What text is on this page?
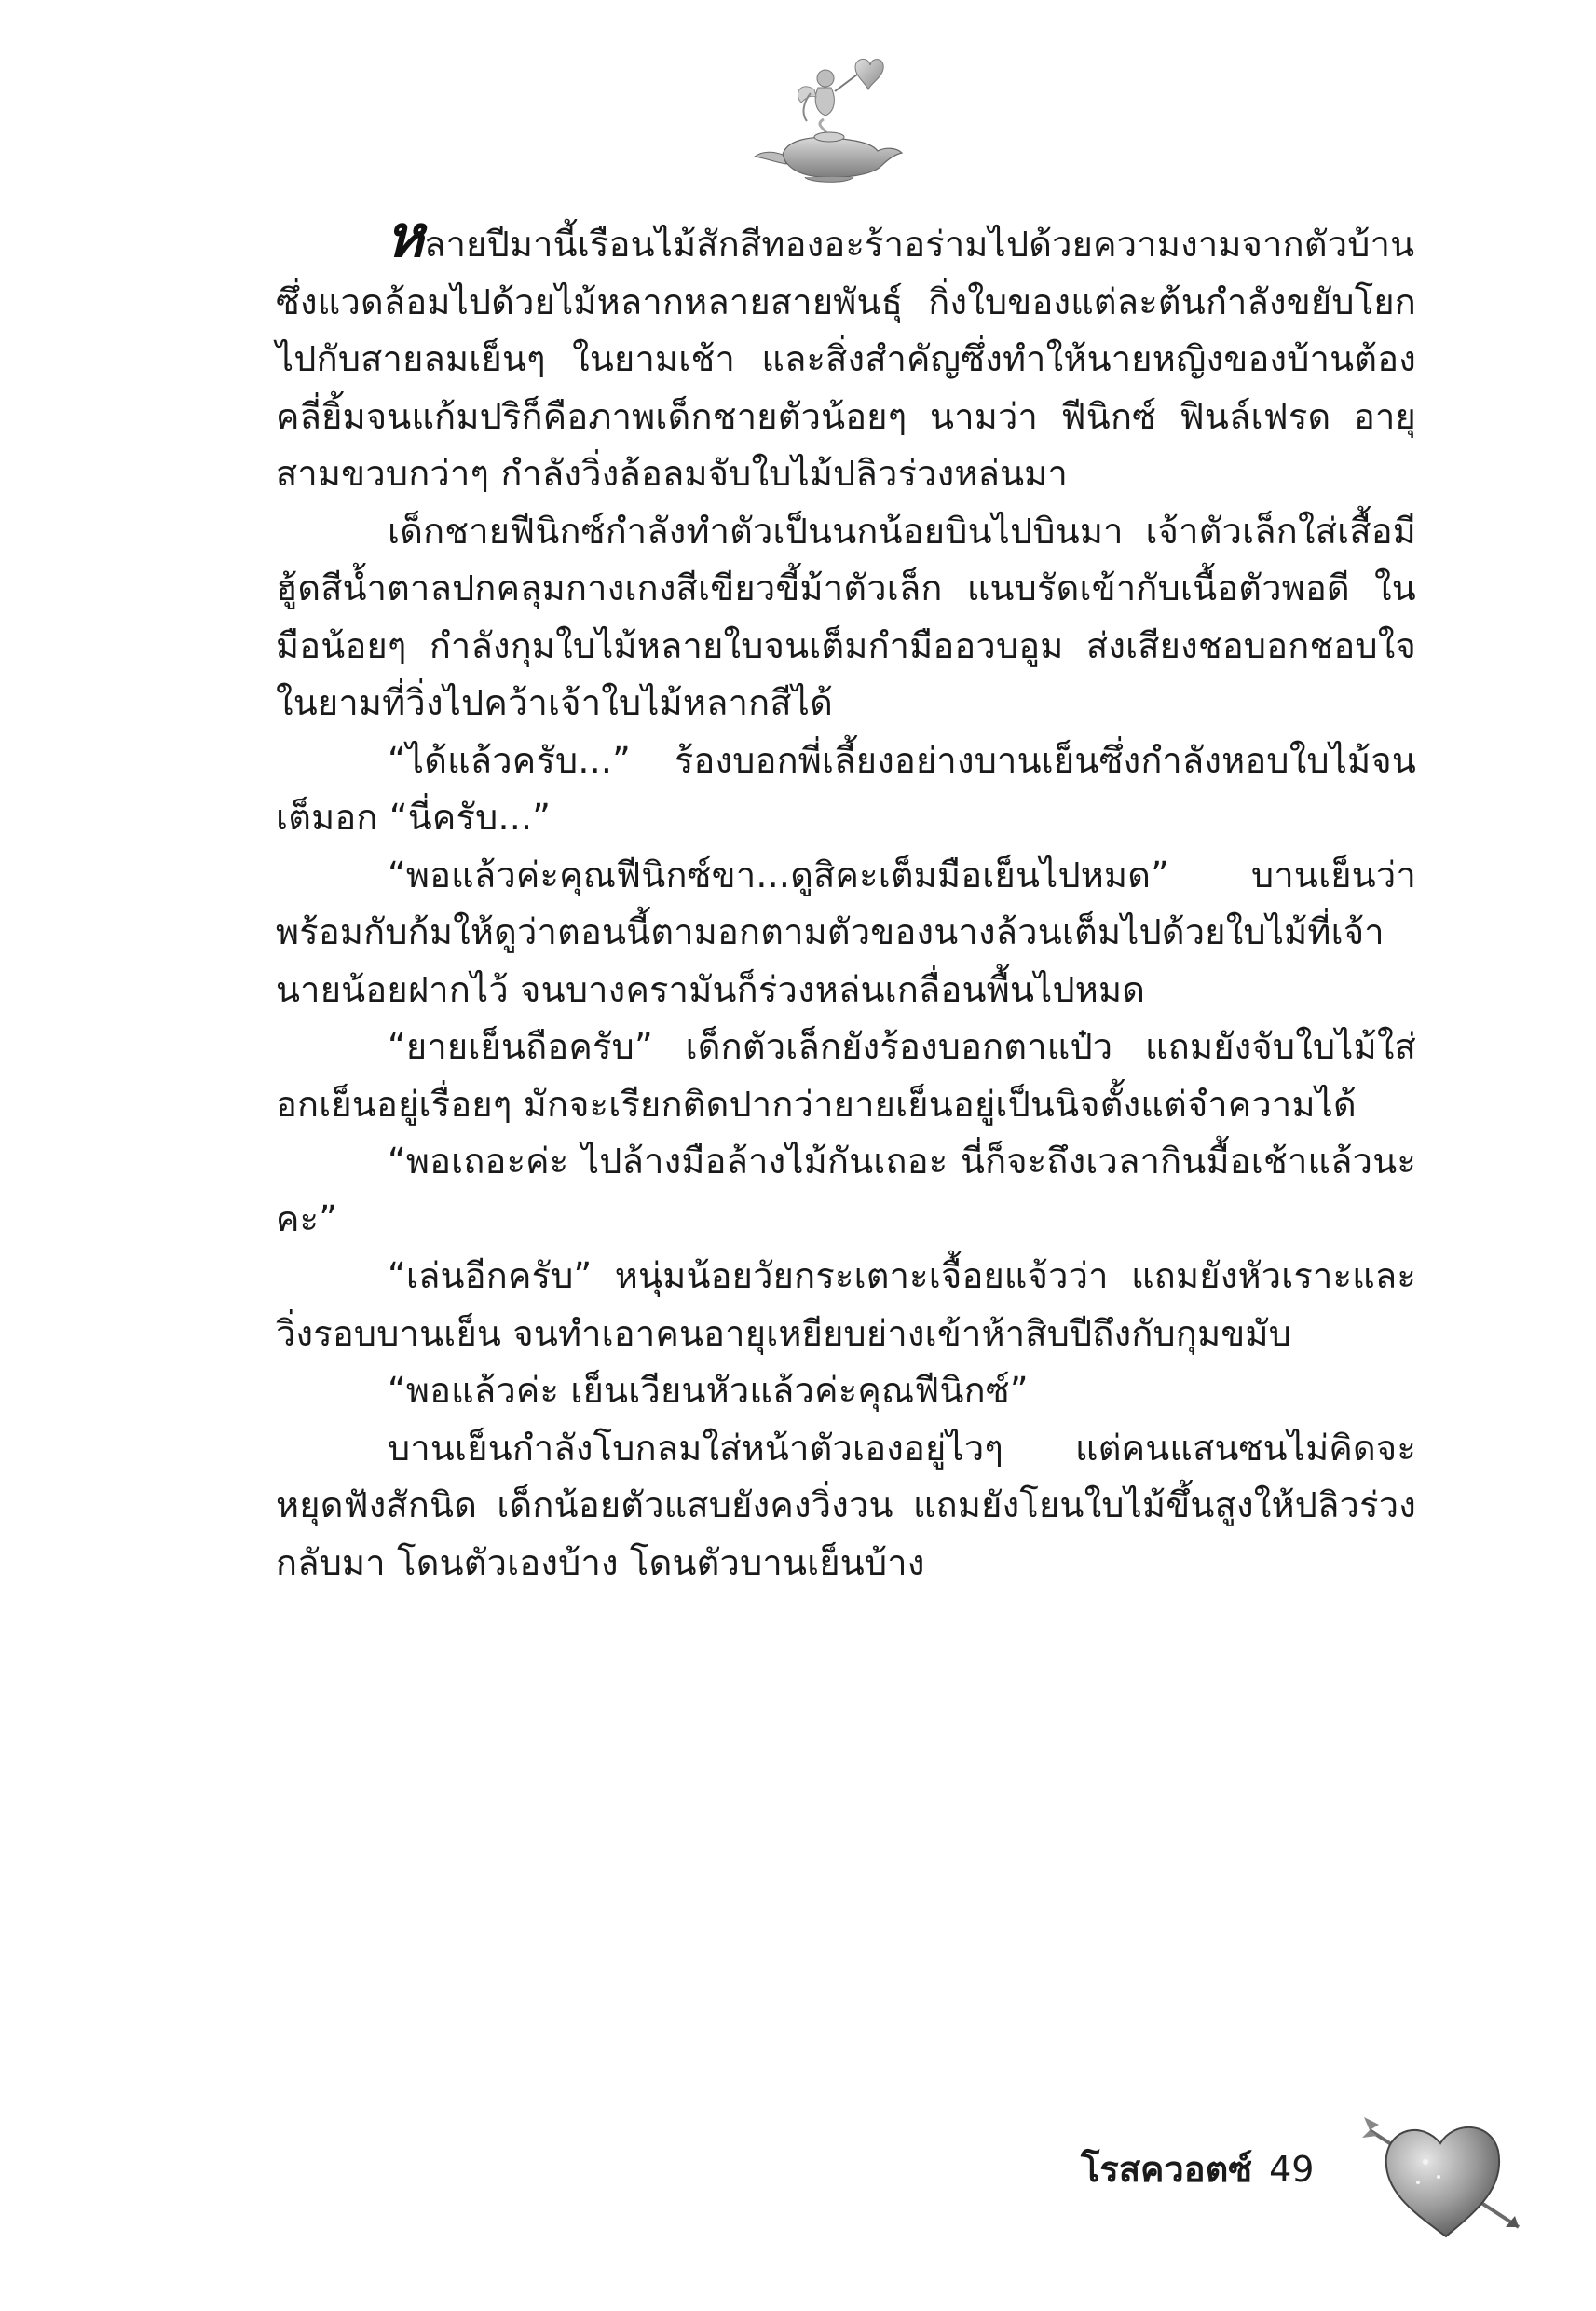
หลายปีมานี้เรือนไม้สักสีทองอะร้าอร่ามไปด้วยความงามจากตัวบ้านซึ่งแวดล้อมไปด้วยไม้หลากหลายสายพันธุ์ กิ่งใบของแต่ละต้นกำลังขยับโยกไปกับสายลมเย็นๆ ในยามเช้า และสิ่งสำคัญซึ่งทำให้นายหญิงของบ้านต้องคลี่ยิ้มจนแก้มปริก็คือภาพเด็กชายตัวน้อยๆ นามว่า ฟีนิกซ์ ฟินล์เฟรด อายุสามขวบกว่าๆ กำลังวิ่งล้อลมจับใบไม้ปลิวร่วงหล่นมา

เด็กชายฟีนิกซ์กำลังทำตัวเป็นนกน้อยบินไปบินมา เจ้าตัวเล็กใส่เสื้อมีฮู้ดสีน้ำตาลปกคลุมกางเกงสีเขียวขี้ม้าตัวเล็ก แนบรัดเข้ากับเนื้อตัวพอดี ในมือน้อยๆ กำลังกุมใบไม้หลายใบจนเต็มกำมืออวบอูม ส่งเสียงชอบอกชอบใจในยามที่วิ่งไปคว้าเจ้าใบไม้หลากสีได้

“ได้แล้วครับ...” ร้องบอกพี่เลี้ยงอย่างบานเย็นซึ่งกำลังหอบใบไม้จนเต็มอก “นี่ครับ...”

“พอแล้วค่ะคุณฟีนิกซ์ขา...ดูสิคะเต็มมือเย็นไปหมด” บานเย็นว่าพร้อมกับก้มให้ดูว่าตอนนี้ตามอกตามตัวของนางล้วนเต็มไปด้วยใบไม้ที่เจ้านายน้อยฝากไว้ จนบางครามันก็ร่วงหล่นเกลื่อนพื้นไปหมด

“ยายเย็นถือครับ” เด็กตัวเล็กยังร้องบอกตาแป๋ว แถมยังจับใบไม้ใส่อกเย็นอยู่เรื่อยๆ มักจะเรียกติดปากว่ายายเย็นอยู่เป็นนิจตั้งแต่จำความได้

“พอเถอะค่ะ ไปล้างมือล้างไม้กันเถอะ นี่ก็จะถึงเวลากินมื้อเช้าแล้วนะคะ”

“เล่นอีกครับ” หนุ่มน้อยวัยกระเตาะเจื้อยแจ้วว่า แถมยังหัวเราะและวิ่งรอบบานเย็น จนทำเอาคนอายุเหยียบย่างเข้าห้าสิบปีถึงกับกุมขมับ

“พอแล้วค่ะ เย็นเวียนหัวแล้วค่ะคุณฟีนิกซ์”

บานเย็นกำลังโบกลมใส่หน้าตัวเองอยู่ไวๆ แต่คนแสนซนไม่คิดจะหยุดฟังสักนิด เด็กน้อยตัวแสบยังคงวิ่งวน แถมยังโยนใบไม้ขึ้นสูงให้ปลิวร่วงกลับมา โดนตัวเองบ้าง โดนตัวบานเย็นบ้าง

โรสควอตซ์ 49
